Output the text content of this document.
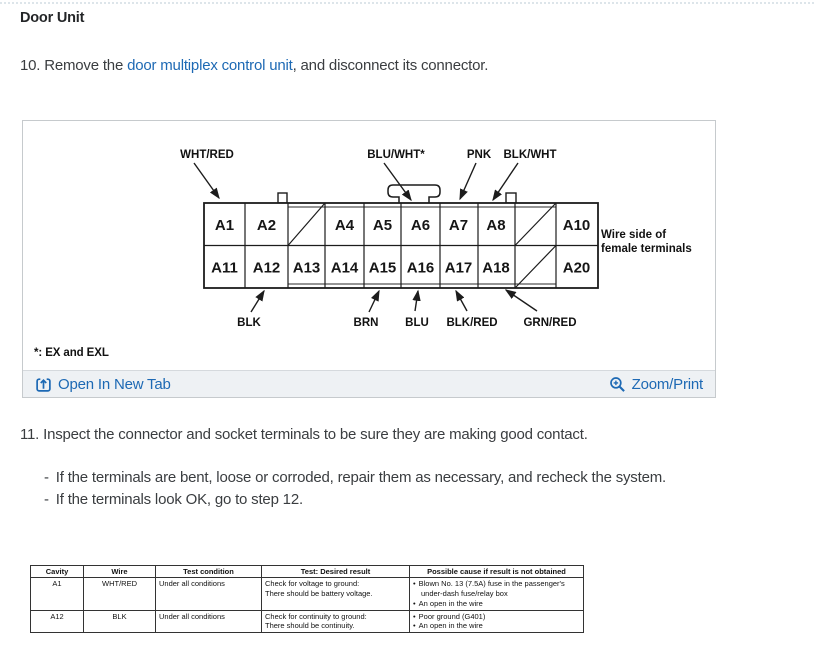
Door Unit

10. Remove the door multiplex control unit, and disconnect its connector.

A1 A2	A4 A5 A6 A7 A8	A10
A11 A12 A13 A14 A15 A16 A17 A18	A20
WHT/RED	BLU/WHT*	PNK BLK/WHT
BLK	BRN BLU BLK/RED GRN/RED
Wire side of
female terminals
*: EX and EXL
Open In New Tab	Zoom/Print

11. Inspect the connector and socket terminals to be sure they are making good contact.

- If the terminals are bent, loose or corroded, repair them as necessary, and recheck the system.
- If the terminals look OK, go to step 12.
Cavity	Wire	Test condition	Test: Desired result	Possible cause if result is not obtained
A1	WHT/RED	Under all conditions	Check for voltage to ground:
There should be battery voltage.

• Blown No. 13 (7.5A) fuse in the passenger's under-dash fuse/relay box
• An open in the wire

A12	BLK	Under all conditions	Check for continuity to ground:
There should be continuity.

• Poor ground (G401)
• An open in the wire
